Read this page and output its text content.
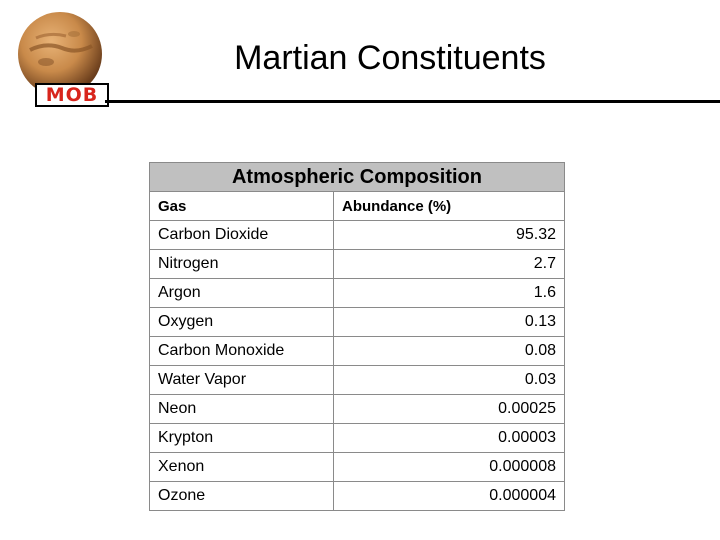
MOB
Martian Constituents
Atmospheric Composition	
Gas	Abundance (%)
Carbon Dioxide	95.32
Nitrogen	2.7
Argon	1.6
Oxygen	0.13
Carbon Monoxide	0.08
Water Vapor	0.03
Neon	0.00025
Krypton	0.00003
Xenon	0.000008
Ozone	0.000004
